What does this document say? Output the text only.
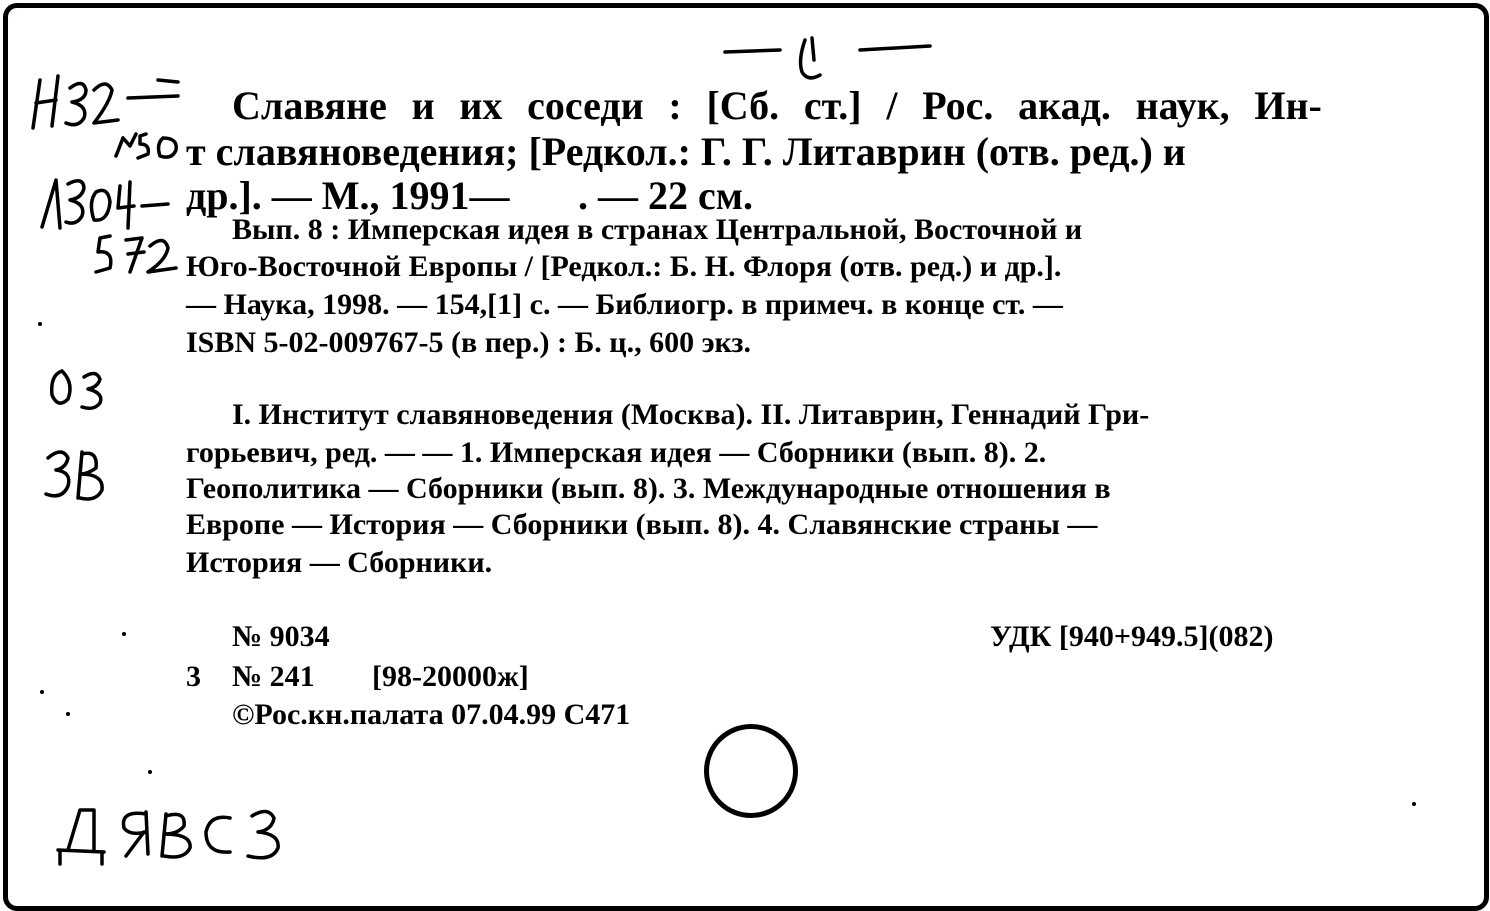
Славяне и их соседи : [Сб. ст.] / Рос. акад. наук, Ин-
т славяноведения; [Редкол.: Г. Г. Литаврин (отв. ред.) и
др.]. — М., 1991— . — 22 см.
Вып. 8 : Имперская идея в странах Центральной, Восточной и
Юго-Восточной Европы / [Редкол.: Б. Н. Флоря (отв. ред.) и др.].
— Наука, 1998. — 154,[1] с. — Библиогр. в примеч. в конце ст. —
ISBN 5-02-009767-5 (в пер.) : Б. ц., 600 экз.
I. Институт славяноведения (Москва). II. Литаврин, Геннадий Гри-
горьевич, ред. — — 1. Имперская идея — Сборники (вып. 8). 2.
Геополитика — Сборники (вып. 8). 3. Международные отношения в
Европе — История — Сборники (вып. 8). 4. Славянские страны —
История — Сборники.
№ 9034	УДК [940+949.5](082)
3 № 241 [98-20000ж]
©Рос.кн.палата 07.04.99 С471
